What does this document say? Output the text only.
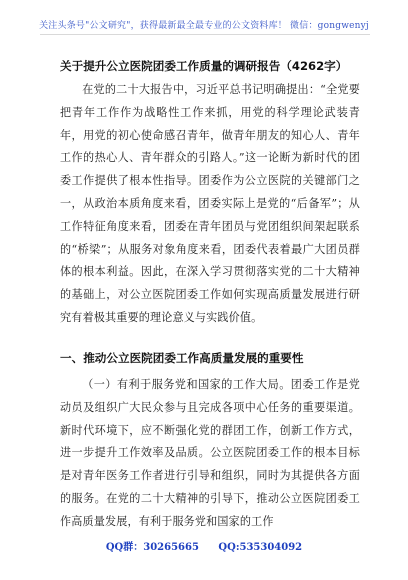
关注头条号"公文研究"，获得最新最全最专业的公文资料库！ 微信：gongwenyj
关于提升公立医院团委工作质量的调研报告（4262字）

在党的二十大报告中，习近平总书记明确提出：“全党要把青年工作作为战略性工作来抓，用党的科学理论武装青年，用党的初心使命感召青年，做青年朋友的知心人、青年工作的热心人、青年群众的引路人。”这一论断为新时代的团委工作提供了根本性指导。团委作为公立医院的关键部门之一，从政治本质角度来看，团委实际上是党的“后备军”；从工作特征角度来看，团委在青年团员与党团组织间架起联系的“桥梁”；从服务对象角度来看，团委代表着最广大团员群体的根本利益。因此，在深入学习贯彻落实党的二十大精神的基础上，对公立医院团委工作如何实现高质量发展进行研究有着极其重要的理论意义与实践价值。

一、推动公立医院团委工作高质量发展的重要性

（一）有利于服务党和国家的工作大局。团委工作是党动员及组织广大民众参与且完成各项中心任务的重要渠道。新时代环境下，应不断强化党的群团工作，创新工作方式，进一步提升工作效率及品质。公立医院团委工作的根本目标是对青年医务工作者进行引导和组织，同时为其提供各方面的服务。在党的二十大精神的引导下，推动公立医院团委工作高质量发展，有利于服务党和国家的工作

QQ群：30265665 QQ:535304092
